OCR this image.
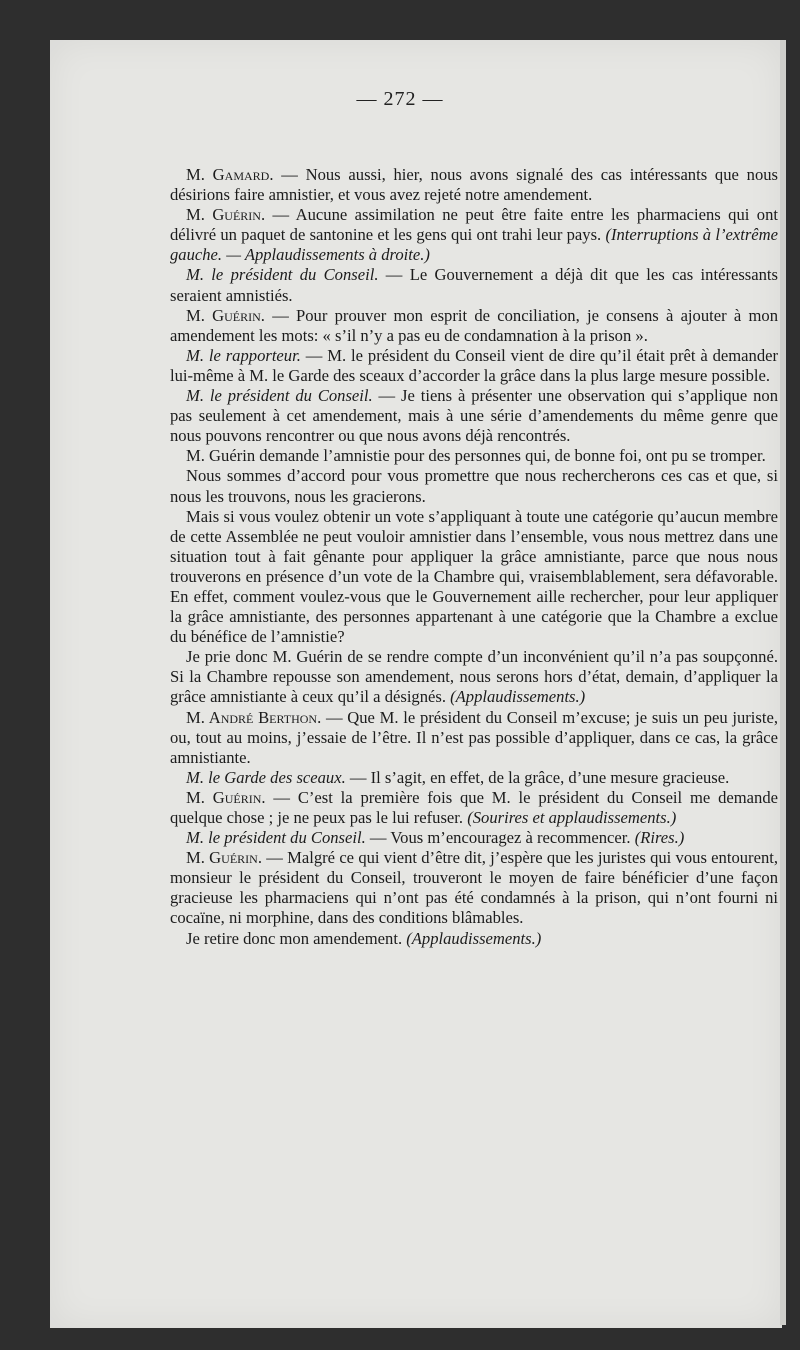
— 272 —

M. Gamard. — Nous aussi, hier, nous avons signalé des cas intéressants que nous désirions faire amnistier, et vous avez rejeté notre amendement.

M. Guérin. — Aucune assimilation ne peut être faite entre les pharmaciens qui ont délivré un paquet de santonine et les gens qui ont trahi leur pays. (Interruptions à l’extrême gauche. — Applaudissements à droite.)

M. le président du Conseil. — Le Gouvernement a déjà dit que les cas intéressants seraient amnistiés.

M. Guérin. — Pour prouver mon esprit de conciliation, je consens à ajouter à mon amendement les mots: « s’il n’y a pas eu de condamnation à la prison ».

M. le rapporteur. — M. le président du Conseil vient de dire qu’il était prêt à demander lui-même à M. le Garde des sceaux d’accorder la grâce dans la plus large mesure possible.

M. le président du Conseil. — Je tiens à présenter une observation qui s’applique non pas seulement à cet amendement, mais à une série d’amendements du même genre que nous pouvons rencontrer ou que nous avons déjà rencontrés.

M. Guérin demande l’amnistie pour des personnes qui, de bonne foi, ont pu se tromper.

Nous sommes d’accord pour vous promettre que nous rechercherons ces cas et que, si nous les trouvons, nous les gracierons.

Mais si vous voulez obtenir un vote s’appliquant à toute une catégorie qu’aucun membre de cette Assemblée ne peut vouloir amnistier dans l’ensemble, vous nous mettrez dans une situation tout à fait gênante pour appliquer la grâce amnistiante, parce que nous nous trouverons en présence d’un vote de la Chambre qui, vraisemblablement, sera défavorable. En effet, comment voulez-vous que le Gouvernement aille rechercher, pour leur appliquer la grâce amnistiante, des personnes appartenant à une catégorie que la Chambre a exclue du bénéfice de l’amnistie?

Je prie donc M. Guérin de se rendre compte d’un inconvénient qu’il n’a pas soupçonné. Si la Chambre repousse son amendement, nous serons hors d’état, demain, d’appliquer la grâce amnistiante à ceux qu’il a désignés. (Applaudissements.)

M. André Berthon. — Que M. le président du Conseil m’excuse; je suis un peu juriste, ou, tout au moins, j’essaie de l’être. Il n’est pas possible d’appliquer, dans ce cas, la grâce amnistiante.

M. le Garde des sceaux. — Il s’agit, en effet, de la grâce, d’une mesure gracieuse.

M. Guérin. — C’est la première fois que M. le président du Conseil me demande quelque chose ; je ne peux pas le lui refuser. (Sourires et applaudissements.)

M. le président du Conseil. — Vous m’encouragez à recommencer. (Rires.)

M. Guérin. — Malgré ce qui vient d’être dit, j’espère que les juristes qui vous entourent, monsieur le président du Conseil, trouveront le moyen de faire bénéficier d’une façon gracieuse les pharmaciens qui n’ont pas été condamnés à la prison, qui n’ont fourni ni cocaïne, ni morphine, dans des conditions blâmables.

Je retire donc mon amendement. (Applaudissements.)
